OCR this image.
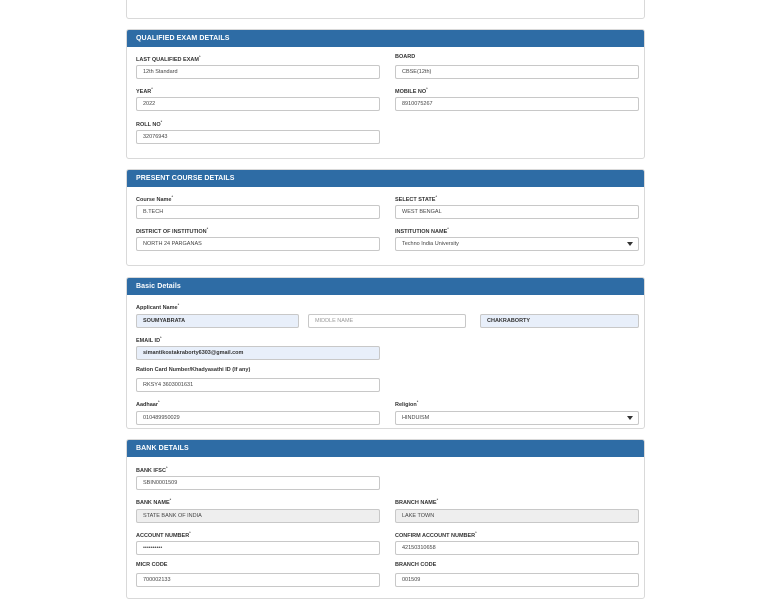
QUALIFIED EXAM DETAILS
LAST QUALIFIED EXAM*
12th Standard
BOARD
CBSE(12th)
YEAR*
2022
MOBILE NO*
8910075267
ROLL NO*
32076943
PRESENT COURSE DETAILS
Course Name*
B.TECH
SELECT STATE*
WEST BENGAL
DISTRICT OF INSTITUTION*
NORTH 24 PARGANAS
INSTITUTION NAME*
Techno India University
Basic Details
Applicant Name*
SOUMYABRATA	MIDDLE NAME	CHAKRABORTY
EMAIL ID*
simantikostakraborty6303@gmail.com
Ration Card Number/Khadyasathi ID (If any)
RKSY4 3603001631
Aadhaar*
010489950029
Religion*
HINDUISM
BANK DETAILS
BANK IFSC*
SBIN0001509
BANK NAME*
STATE BANK OF INDIA
BRANCH NAME*
LAKE TOWN
ACCOUNT NUMBER*
••••••••••
CONFIRM ACCOUNT NUMBER*
42150310658
MICR CODE
700002133
BRANCH CODE
001509
